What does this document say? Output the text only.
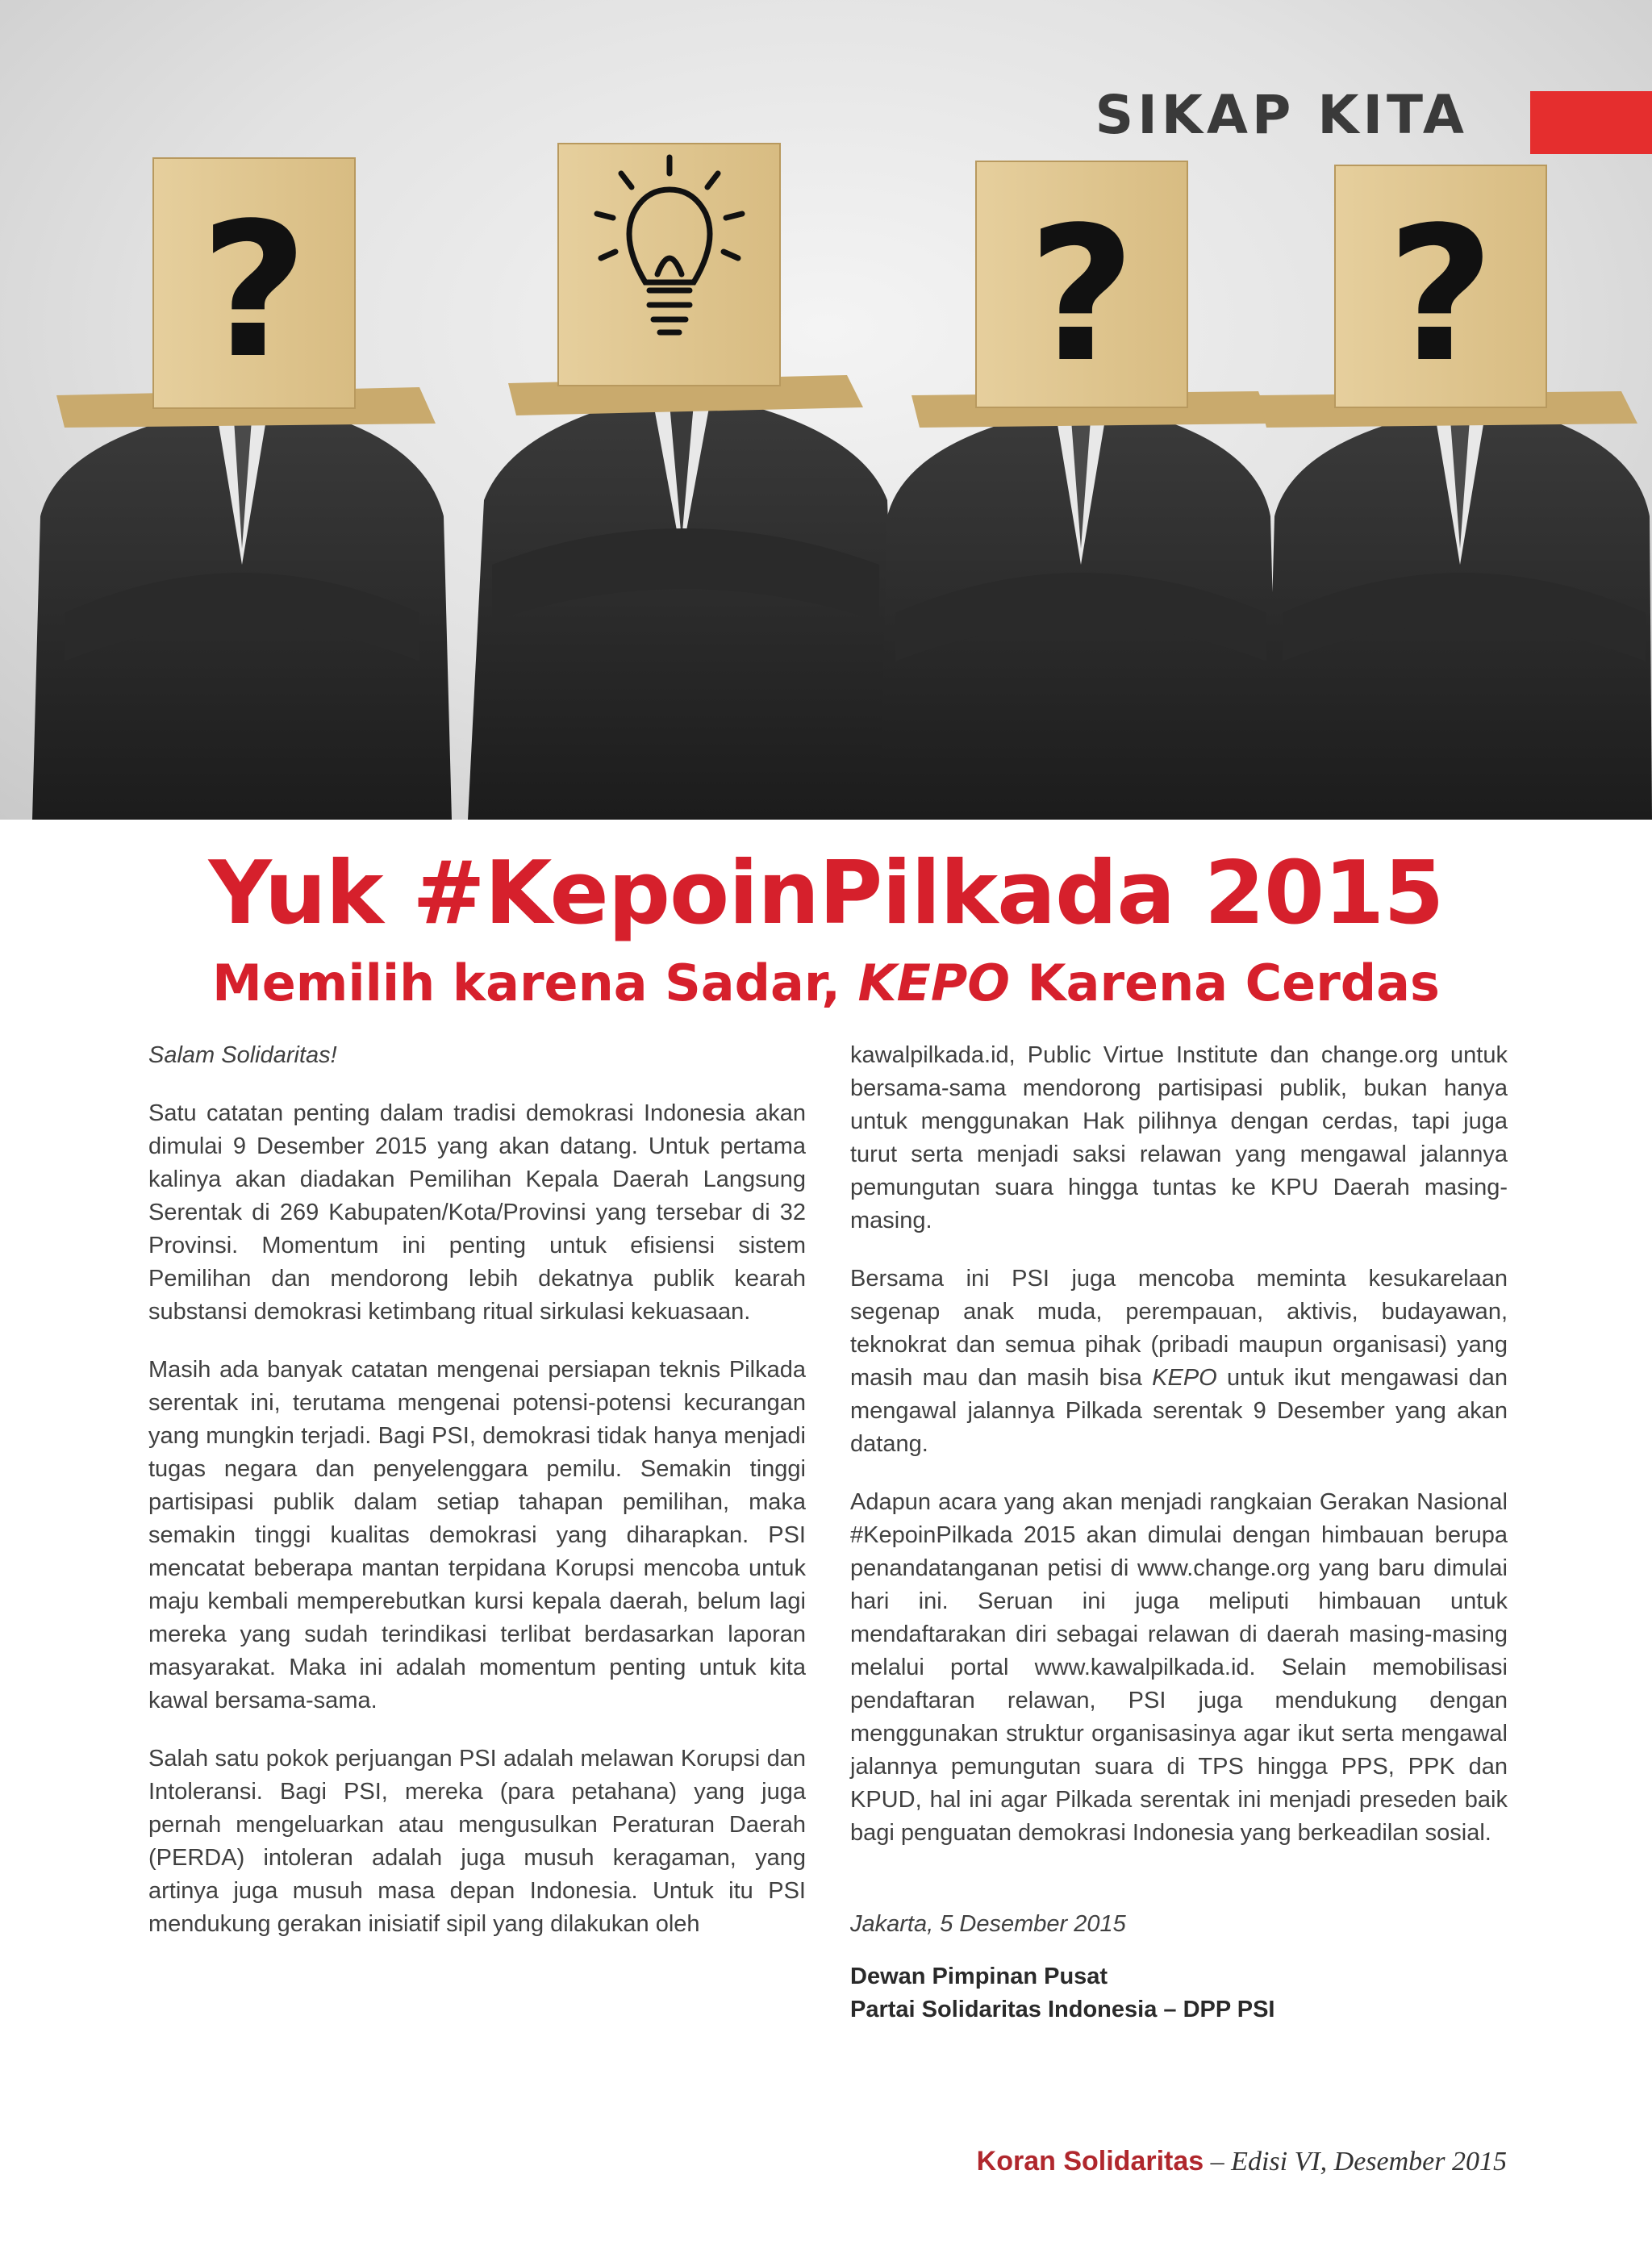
?	? ?
SIKAP KITA
Yuk #KepoinPilkada 2015
Memilih karena Sadar, KEPO Karena Cerdas

Salam Solidaritas!

Satu catatan penting dalam tradisi demokrasi Indonesia akan dimulai 9 Desember 2015 yang akan datang. Untuk pertama kalinya akan diadakan Pemilihan Kepala Daerah Langsung Serentak di 269 Kabupaten/Kota/Provinsi yang tersebar di 32 Provinsi. Momentum ini penting untuk efisiensi sistem Pemilihan dan mendorong lebih dekatnya publik kearah substansi demokrasi ketimbang ritual sirkulasi kekuasaan.

Masih ada banyak catatan mengenai persiapan teknis Pilkada serentak ini, terutama mengenai potensi-potensi kecurangan yang mungkin terjadi. Bagi PSI, demokrasi tidak hanya menjadi tugas negara dan penyelenggara pemilu. Semakin tinggi partisipasi publik dalam setiap tahapan pemilihan, maka semakin tinggi kualitas demokrasi yang diharapkan. PSI mencatat beberapa mantan terpidana Korupsi mencoba untuk maju kembali memperebutkan kursi kepala daerah, belum lagi mereka yang sudah terindikasi terlibat berdasarkan laporan masyarakat. Maka ini adalah momentum penting untuk kita kawal bersama-sama.

Salah satu pokok perjuangan PSI adalah melawan Korupsi dan Intoleransi. Bagi PSI, mereka (para petahana) yang juga pernah mengeluarkan atau mengusulkan Peraturan Daerah (PERDA) intoleran adalah juga musuh keragaman, yang artinya juga musuh masa depan Indonesia. Untuk itu PSI mendukung gerakan inisiatif sipil yang dilakukan oleh

kawalpilkada.id, Public Virtue Institute dan change.org untuk bersama-sama mendorong partisipasi publik, bukan hanya untuk menggunakan Hak pilihnya dengan cerdas, tapi juga turut serta menjadi saksi relawan yang mengawal jalannya pemungutan suara hingga tuntas ke KPU Daerah masing-masing.

Bersama ini PSI juga mencoba meminta kesukarelaan segenap anak muda, perempauan, aktivis, budayawan, teknokrat dan semua pihak (pribadi maupun organisasi) yang masih mau dan masih bisa KEPO untuk ikut mengawasi dan mengawal jalannya Pilkada serentak 9 Desember yang akan datang.

Adapun acara yang akan menjadi rangkaian Gerakan Nasional #KepoinPilkada 2015 akan dimulai dengan himbauan berupa penandatanganan petisi di www.change.org yang baru dimulai hari ini. Seruan ini juga meliputi himbauan untuk mendaftarakan diri sebagai relawan di daerah masing-masing melalui portal www.kawalpilkada.id. Selain memobilisasi pendaftaran relawan, PSI juga mendukung dengan menggunakan struktur organisasinya agar ikut serta mengawal jalannya pemungutan suara di TPS hingga PPS, PPK dan KPUD, hal ini agar Pilkada serentak ini menjadi preseden baik bagi penguatan demokrasi Indonesia yang berkeadilan sosial.

Jakarta, 5 Desember 2015

Dewan Pimpinan Pusat
Partai Solidaritas Indonesia – DPP PSI

Koran Solidaritas – Edisi VI, Desember 2015
